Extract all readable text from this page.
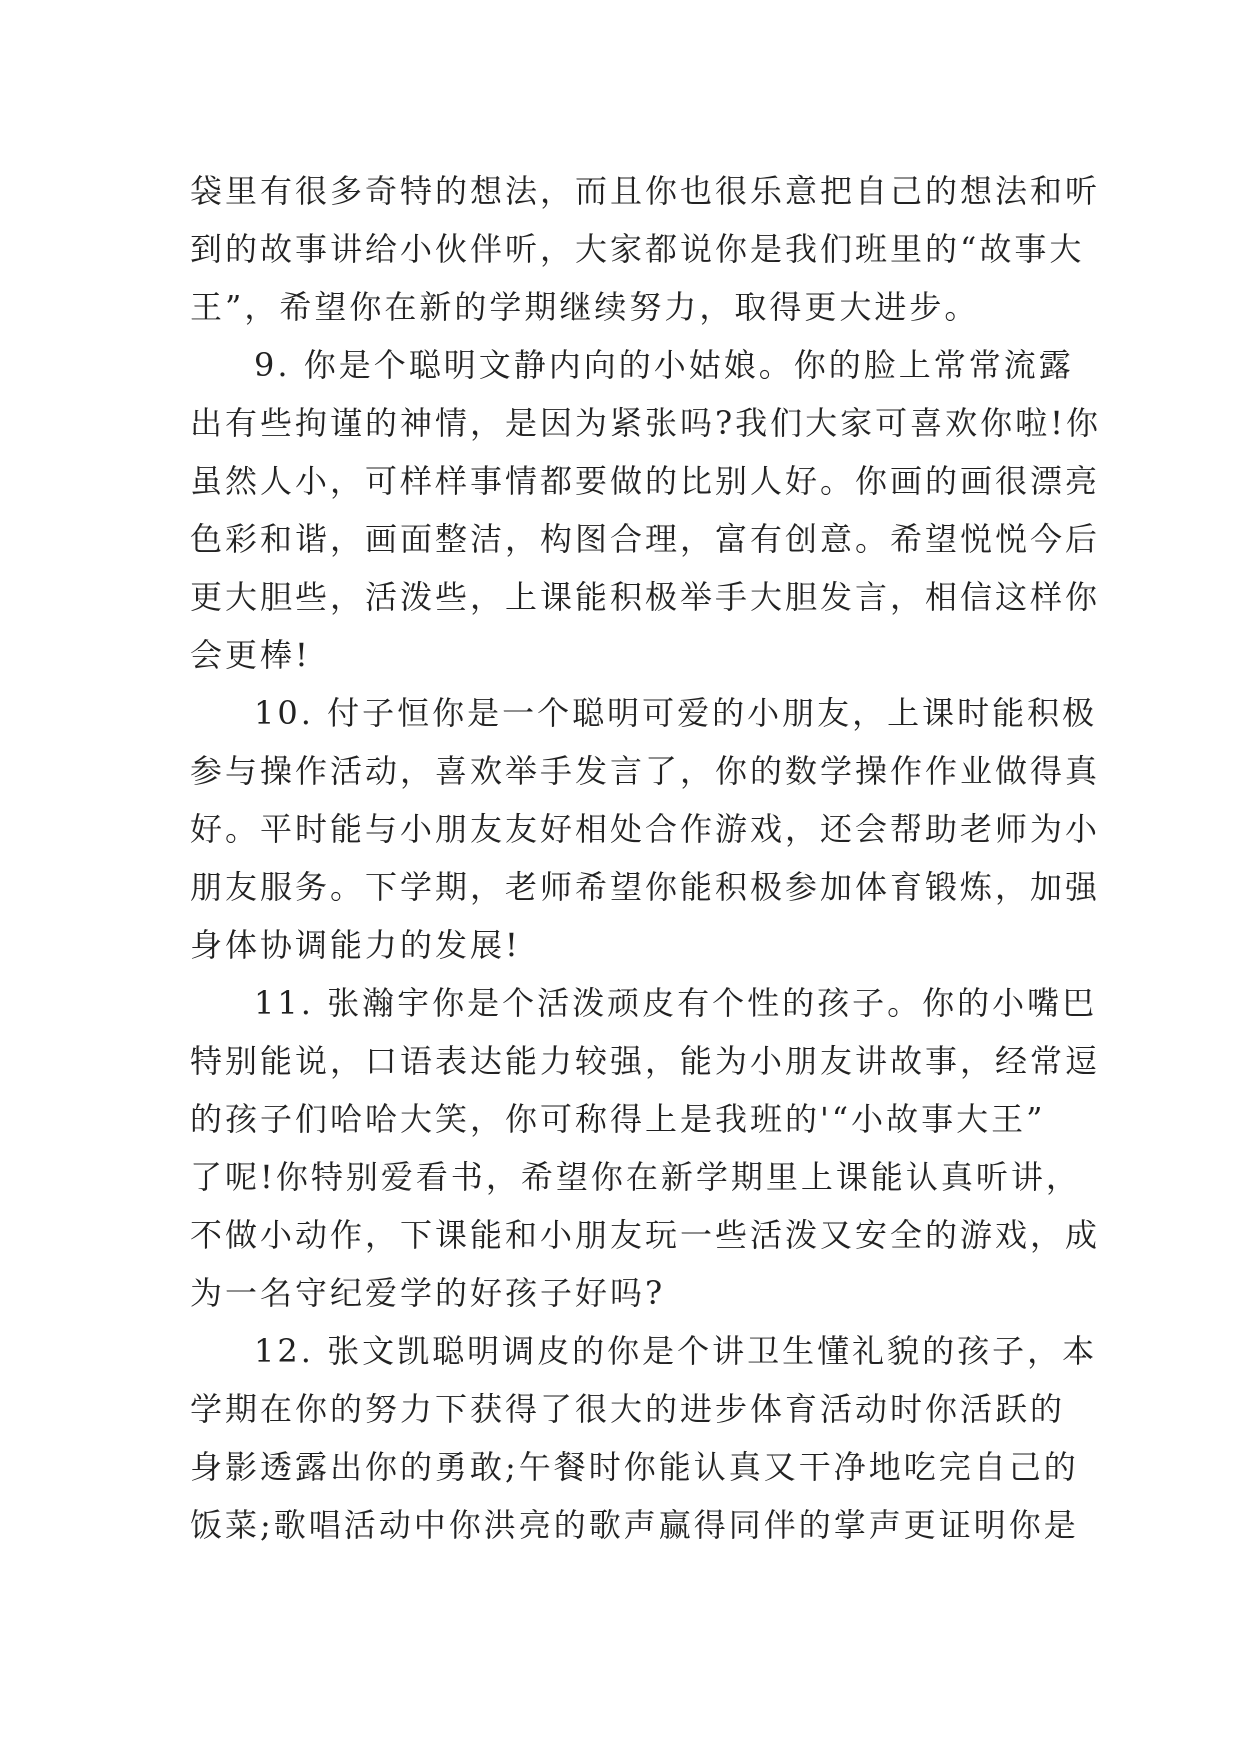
袋里有很多奇特的想法，而且你也很乐意把自己的想法和听
到的故事讲给小伙伴听，大家都说你是我们班里的“故事大
王”，希望你在新的学期继续努力，取得更大进步。
9. 你是个聪明文静内向的小姑娘。你的脸上常常流露
出有些拘谨的神情，是因为紧张吗?我们大家可喜欢你啦!你
虽然人小，可样样事情都要做的比别人好。你画的画很漂亮
色彩和谐，画面整洁，构图合理，富有创意。希望悦悦今后
更大胆些，活泼些，上课能积极举手大胆发言，相信这样你
会更棒!
10. 付子恒你是一个聪明可爱的小朋友，上课时能积极
参与操作活动，喜欢举手发言了，你的数学操作作业做得真
好。平时能与小朋友友好相处合作游戏，还会帮助老师为小
朋友服务。下学期，老师希望你能积极参加体育锻炼，加强
身体协调能力的发展!
11. 张瀚宇你是个活泼顽皮有个性的孩子。你的小嘴巴
特别能说，口语表达能力较强，能为小朋友讲故事，经常逗
的孩子们哈哈大笑，你可称得上是我班的'“小故事大王”
了呢!你特别爱看书，希望你在新学期里上课能认真听讲，
不做小动作，下课能和小朋友玩一些活泼又安全的游戏，成
为一名守纪爱学的好孩子好吗?
12. 张文凯聪明调皮的你是个讲卫生懂礼貌的孩子，本
学期在你的努力下获得了很大的进步体育活动时你活跃的
身影透露出你的勇敢;午餐时你能认真又干净地吃完自己的
饭菜;歌唱活动中你洪亮的歌声赢得同伴的掌声更证明你是
